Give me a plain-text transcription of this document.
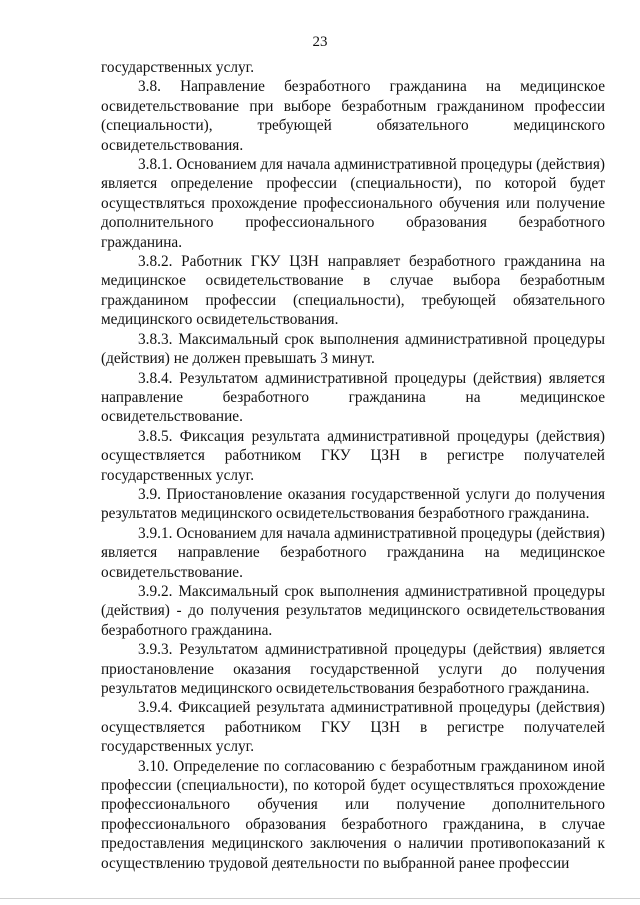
23

государственных услуг.

3.8. Направление безработного гражданина на медицинское освидетельствование при выборе безработным гражданином профессии (специальности), требующей обязательного медицинского освидетельствования.

3.8.1. Основанием для начала административной процедуры (действия) является определение профессии (специальности), по которой будет осуществляться прохождение профессионального обучения или получение дополнительного профессионального образования безработного гражданина.

3.8.2. Работник ГКУ ЦЗН направляет безработного гражданина на медицинское освидетельствование в случае выбора безработным гражданином профессии (специальности), требующей обязательного медицинского освидетельствования.

3.8.3. Максимальный срок выполнения административной процедуры (действия) не должен превышать 3 минут.

3.8.4. Результатом административной процедуры (действия) является направление безработного гражданина на медицинское освидетельствование.

3.8.5. Фиксация результата административной процедуры (действия) осуществляется работником ГКУ ЦЗН в регистре получателей государственных услуг.

3.9. Приостановление оказания государственной услуги до получения результатов медицинского освидетельствования безработного гражданина.

3.9.1. Основанием для начала административной процедуры (действия) является направление безработного гражданина на медицинское освидетельствование.

3.9.2. Максимальный срок выполнения административной процедуры (действия) - до получения результатов медицинского освидетельствования безработного гражданина.

3.9.3. Результатом административной процедуры (действия) является приостановление оказания государственной услуги до получения результатов медицинского освидетельствования безработного гражданина.

3.9.4. Фиксацией результата административной процедуры (действия) осуществляется работником ГКУ ЦЗН в регистре получателей государственных услуг.

3.10. Определение по согласованию с безработным гражданином иной профессии (специальности), по которой будет осуществляться прохождение профессионального обучения или получение дополнительного профессионального образования безработного гражданина, в случае предоставления медицинского заключения о наличии противопоказаний к осуществлению трудовой деятельности по выбранной ранее профессии
